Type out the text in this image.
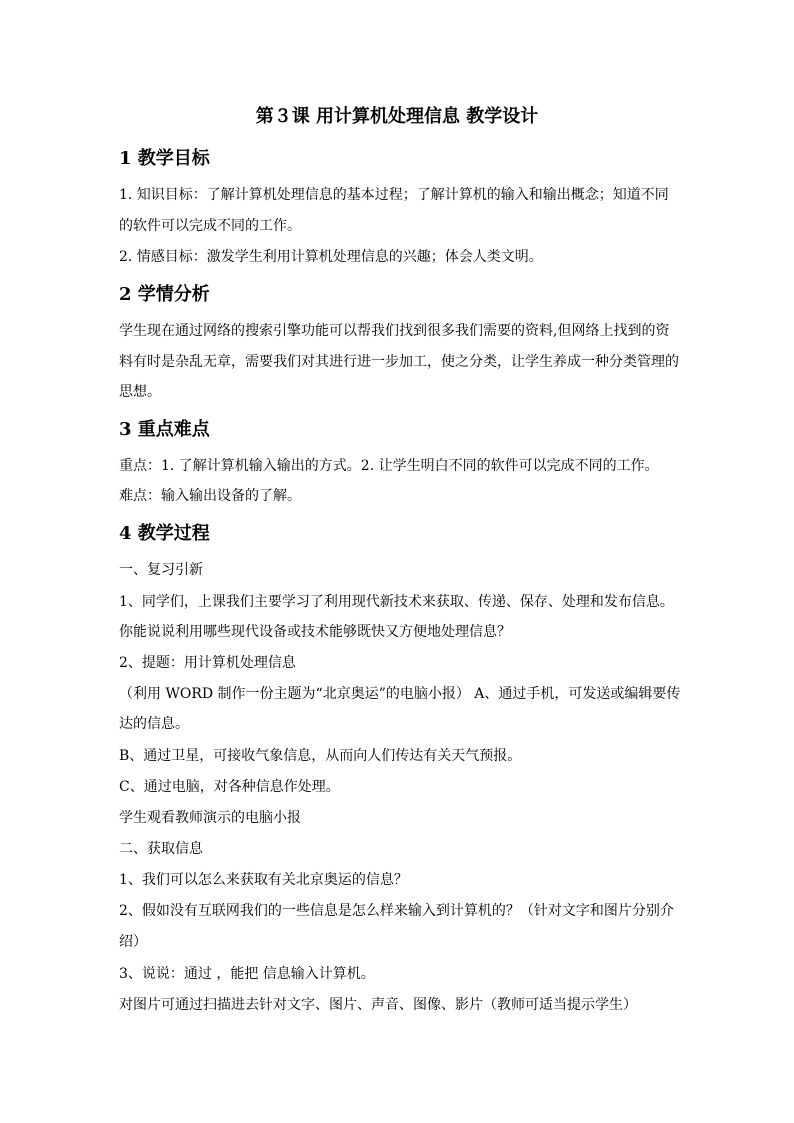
第３课 用计算机处理信息 教学设计
1 教学目标
1. 知识目标：了解计算机处理信息的基本过程；了解计算机的输入和输出概念；知道不同
的软件可以完成不同的工作。
2. 情感目标：激发学生利用计算机处理信息的兴趣；体会人类文明。
2 学情分析
学生现在通过网络的搜索引擎功能可以帮我们找到很多我们需要的资料,但网络上找到的资
料有时是杂乱无章，需要我们对其进行进一步加工，使之分类，让学生养成一种分类管理的
思想。
3 重点难点
重点：1. 了解计算机输入输出的方式。2. 让学生明白不同的软件可以完成不同的工作。
难点：输入输出设备的了解。
4 教学过程
一、复习引新
1、同学们，上课我们主要学习了利用现代新技术来获取、传递、保存、处理和发布信息。
你能说说利用哪些现代设备或技术能够既快又方便地处理信息？
2、提题：用计算机处理信息
（利用 WORD 制作一份主题为“北京奥运”的电脑小报） A、通过手机，可发送或编辑要传
达的信息。
B、通过卫星，可接收气象信息，从而向人们传达有关天气预报。
C、通过电脑，对各种信息作处理。
学生观看教师演示的电脑小报
二、获取信息
1、我们可以怎么来获取有关北京奥运的信息？
2、假如没有互联网我们的一些信息是怎么样来输入到计算机的？（针对文字和图片分别介
绍）
3、说说：通过 ，能把 信息输入计算机。
对图片可通过扫描进去针对文字、图片、声音、图像、影片（教师可适当提示学生）
